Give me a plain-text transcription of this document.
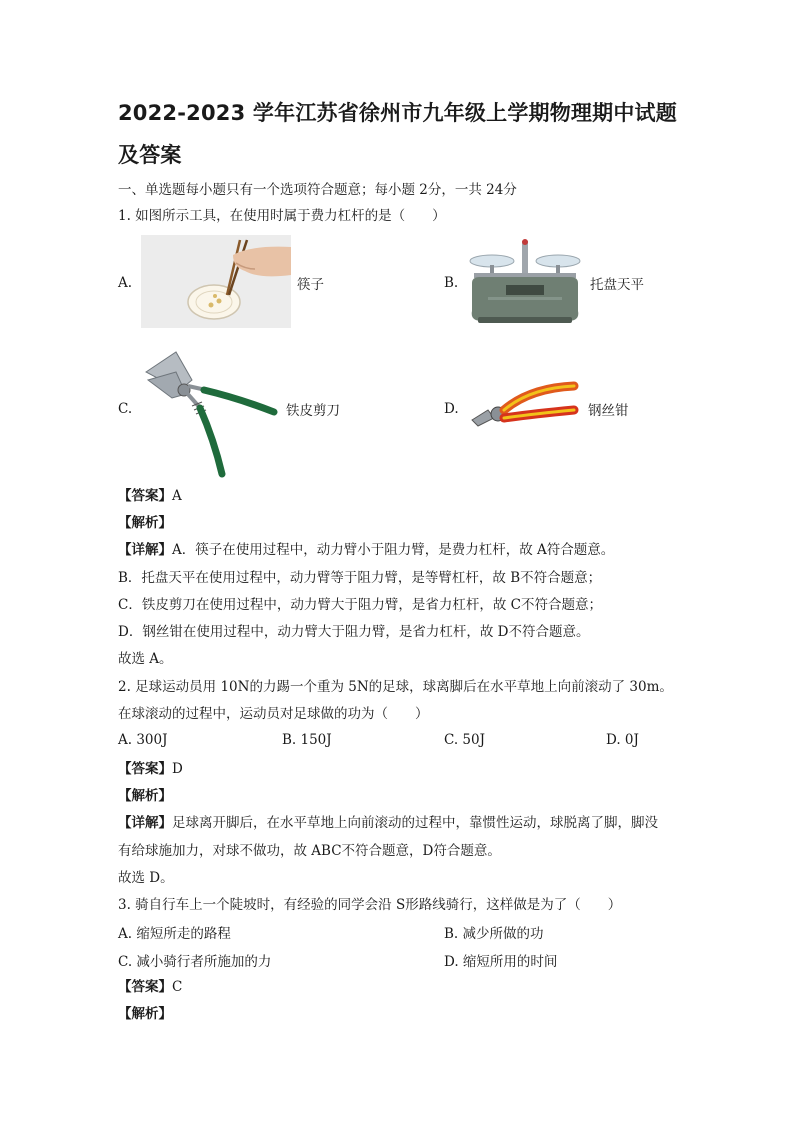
2022-2023 学年江苏省徐州市九年级上学期物理期中试题及答案
一、单选题每小题只有一个选项符合题意；每小题 2分，一共 24分
1. 如图所示工具，在使用时属于费力杠杆的是（　　）
A.	筷子	B.	托盘天平
C.	铁皮剪刀	D.	钢丝钳
【答案】A
【解析】
【详解】A．筷子在使用过程中，动力臂小于阻力臂，是费力杠杆，故 A符合题意。
B．托盘天平在使用过程中，动力臂等于阻力臂，是等臂杠杆，故 B不符合题意；
C．铁皮剪刀在使用过程中，动力臂大于阻力臂，是省力杠杆，故 C不符合题意；
D．钢丝钳在使用过程中，动力臂大于阻力臂，是省力杠杆，故 D不符合题意。
故选 A。
2. 足球运动员用 10N的力踢一个重为 5N的足球，球离脚后在水平草地上向前滚动了 30m。
在球滚动的过程中，运动员对足球做的功为（　　）
A. 300J	B. 150J	C. 50J	D. 0J
【答案】D
【解析】
【详解】足球离开脚后，在水平草地上向前滚动的过程中，靠惯性运动，球脱离了脚，脚没
有给球施加力，对球不做功，故 ABC不符合题意，D符合题意。
故选 D。
3. 骑自行车上一个陡坡时，有经验的同学会沿 S形路线骑行，这样做是为了（　　）
A. 缩短所走的路程	B. 减少所做的功
C. 减小骑行者所施加的力	D. 缩短所用的时间
【答案】C
【解析】
